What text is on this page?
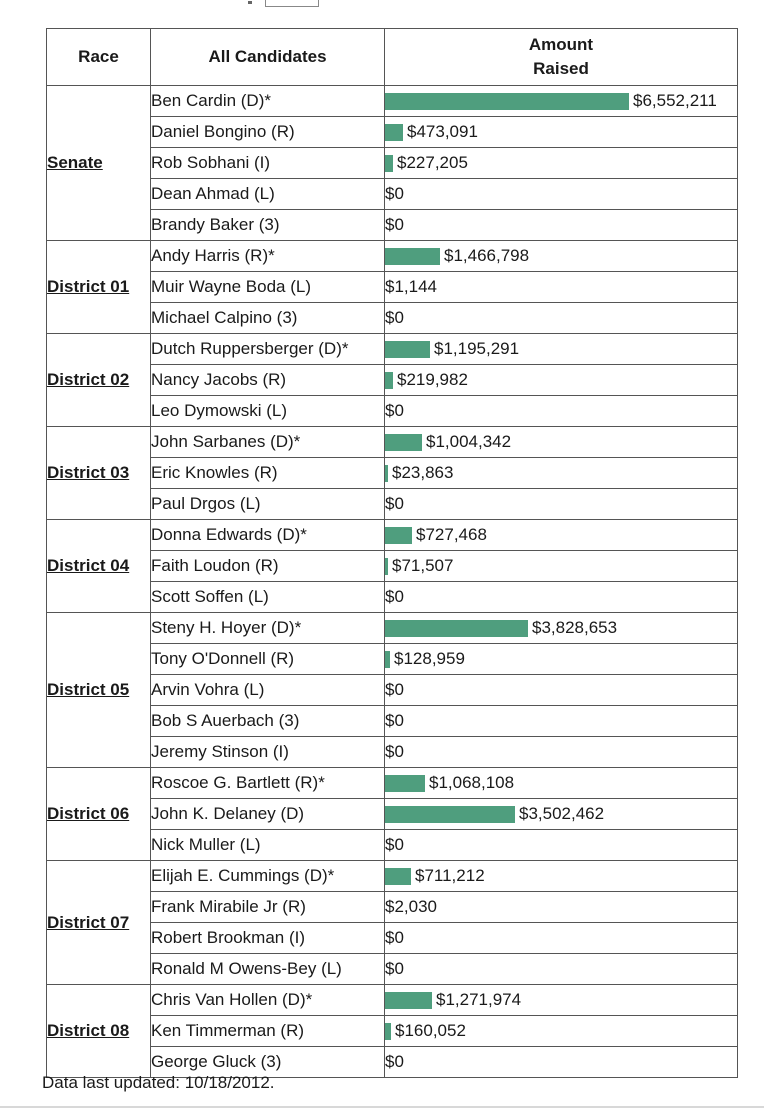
Race	All Candidates	Amount Raised
Senate	Ben Cardin (D)*	$6,552,211

	Daniel Bongino (R)	$473,091

	Rob Sobhani (I)	$227,205

	Dean Ahmad (L)	$0

	Brandy Baker (3)	$0

District 01	Andy Harris (R)*	$1,466,798

	Muir Wayne Boda (L)	$1,144

	Michael Calpino (3)	$0

District 02	Dutch Ruppersberger (D)*	$1,195,291

	Nancy Jacobs (R)	$219,982

	Leo Dymowski (L)	$0

District 03	John Sarbanes (D)*	$1,004,342

	Eric Knowles (R)	$23,863

	Paul Drgos (L)	$0

District 04	Donna Edwards (D)*	$727,468

	Faith Loudon (R)	$71,507

	Scott Soffen (L)	$0

District 05	Steny H. Hoyer (D)*	$3,828,653

	Tony O'Donnell (R)	$128,959

	Arvin Vohra (L)	$0

	Bob S Auerbach (3)	$0

	Jeremy Stinson (I)	$0

District 06	Roscoe G. Bartlett (R)*	$1,068,108

	John K. Delaney (D)	$3,502,462

	Nick Muller (L)	$0

District 07	Elijah E. Cummings (D)*	$711,212

	Frank Mirabile Jr (R)	$2,030

	Robert Brookman (I)	$0

	Ronald M Owens-Bey (L)	$0

District 08	Chris Van Hollen (D)*	$1,271,974

	Ken Timmerman (R)	$160,052

	George Gluck (3)	$0
Data last updated: 10/18/2012.
